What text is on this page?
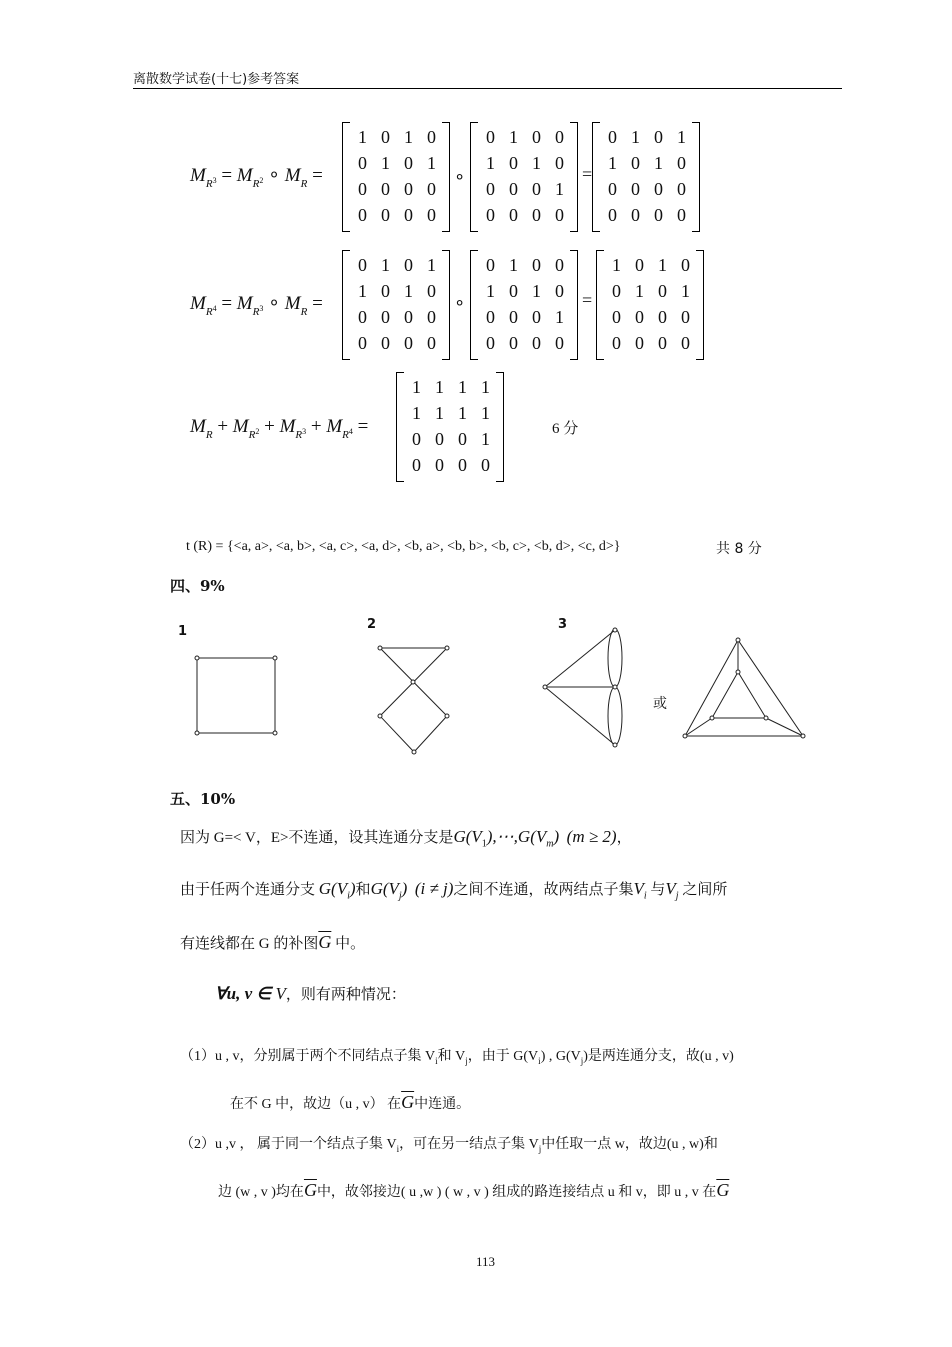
离散数学试卷(十七)参考答案
$M_{R^3} = M_{R^2}$ ∘ $M_R$ =
1 0 1 0
0 1 0 1
0 0 0 0
0 0 0 0
∘
0 1 0 0
1 0 1 0
0 0 0 1
0 0 0 0
=
0 1 0 1
1 0 1 0
0 0 0 0
0 0 0 0
$M_{R^4} = M_{R^3}$ ∘ $M_R$ =
0 1 0 1
1 0 1 0
0 0 0 0
0 0 0 0
∘
0 1 0 0
1 0 1 0
0 0 0 1
0 0 0 0
=
1 0 1 0
0 1 0 1
0 0 0 0
0 0 0 0
$M_R + M_{R^2} + M_{R^3} + M_{R^4}$ =
1 1 1 1
1 1 1 1
0 0 0 1
0 0 0 0
6 分
t (R) = {<a, a>, <a, b>, <a, c>, <a, d>, <b, a>, <b, b>, <b, c>, <b, d>, <c, d>}	共 8 分
四、9%
1	2	3
或
五、10%
因为 G=< V，E>不连通，设其连通分支是$G(V_1),\cdots,G(V_m) (m \ge 2)$，
由于任两个连通分支 $G(V_i)$和$G(V_j) (i \ne j)$之间不连通，故两结点子集$V_i$ 与$V_j$ 之间所
有连线都在 G 的补图$\overline{G}$ 中。
∀u, v ∈ V，则有两种情况：
（1）u , v，分别属于两个不同结点子集 $V_i$和 $V_j$，由于 $G(V_i)$ , $G(V_j)$是两连通分支，故(u , v)
在不 G 中，故边（u , v） 在$\overline{G}$中连通。
（2）u ,v ， 属于同一个结点子集 $V_i$，可在另一结点子集 $V_j$中任取一点 w，故边(u , w)和
边 (w , v )均在$\overline{G}$中，故邻接边( u ,w ) ( w , v ) 组成的路连接结点 u 和 v，即 u , v 在$\overline{G}$
113
